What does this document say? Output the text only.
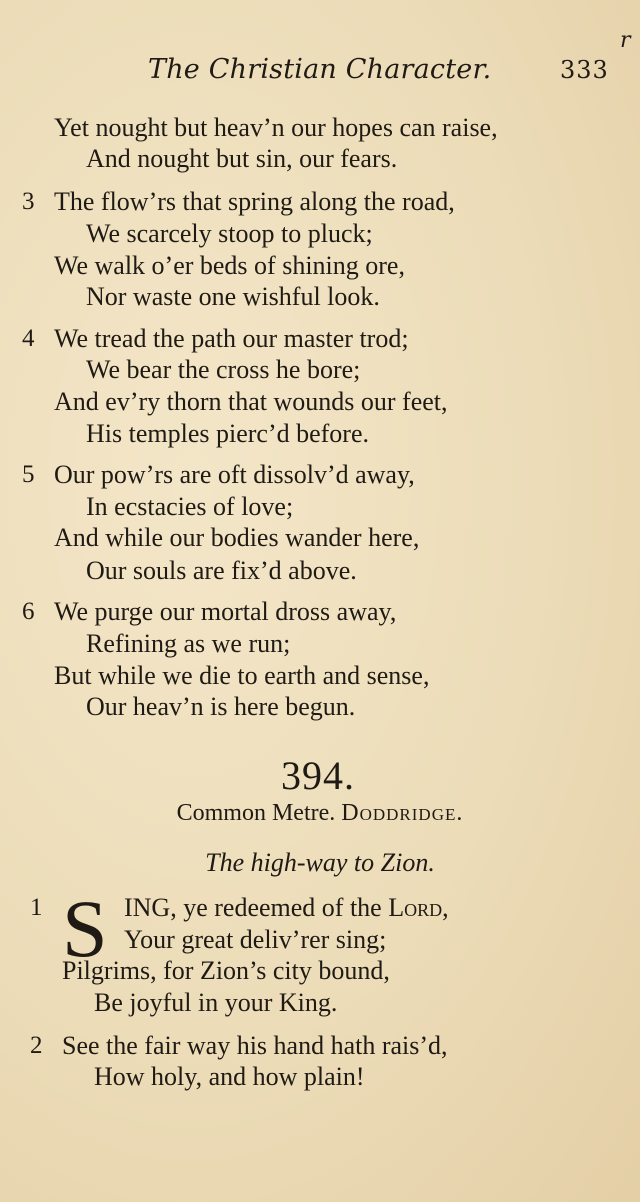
The Christian Character.	333
r
Yet nought but heav’n our hopes can raise,
And nought but sin, our fears.
3 The flow’rs that spring along the road,
We scarcely stoop to pluck;
We walk o’er beds of shining ore,
Nor waste one wishful look.
4 We tread the path our master trod;
We bear the cross he bore;
And ev’ry thorn that wounds our feet,
His temples pierc’d before.
5 Our pow’rs are oft dissolv’d away,
In ecstacies of love;
And while our bodies wander here,
Our souls are fix’d above.
6 We purge our mortal dross away,
Refining as we run;
But while we die to earth and sense,
Our heav’n is here begun.
394.
Common Metre. Doddridge.
The high-way to Zion.
1 S ING, ye redeemed of the Lord,
Your great deliv’rer sing;
Pilgrims, for Zion’s city bound,
Be joyful in your King.
2 See the fair way his hand hath rais’d,
How holy, and how plain!
